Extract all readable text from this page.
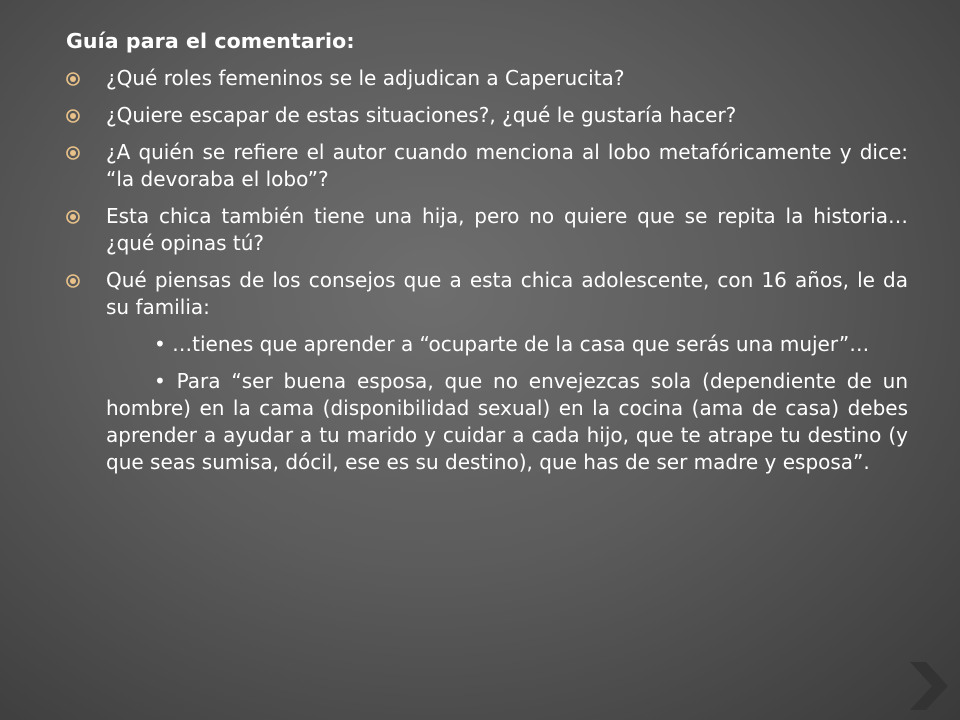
Guía para el comentario:
¿Qué roles femeninos se le adjudican a Caperucita?
¿Quiere escapar de estas situaciones?, ¿qué le gustaría hacer?
¿A quién se refiere el autor cuando menciona al lobo metafóricamente y dice: “la devoraba el lobo”?
Esta chica también tiene una hija, pero no quiere que se repita la historia… ¿qué opinas tú?
Qué piensas de los consejos que a esta chica adolescente, con 16 años, le da su familia:
• …tienes que aprender a “ocuparte de la casa que serás una mujer”…
• Para “ser buena esposa, que no envejezcas sola (dependiente de un hombre) en la cama (disponibilidad sexual) en la cocina (ama de casa) debes aprender a ayudar a tu marido y cuidar a cada hijo, que te atrape tu destino (y que seas sumisa, dócil, ese es su destino), que has de ser madre y esposa”.
